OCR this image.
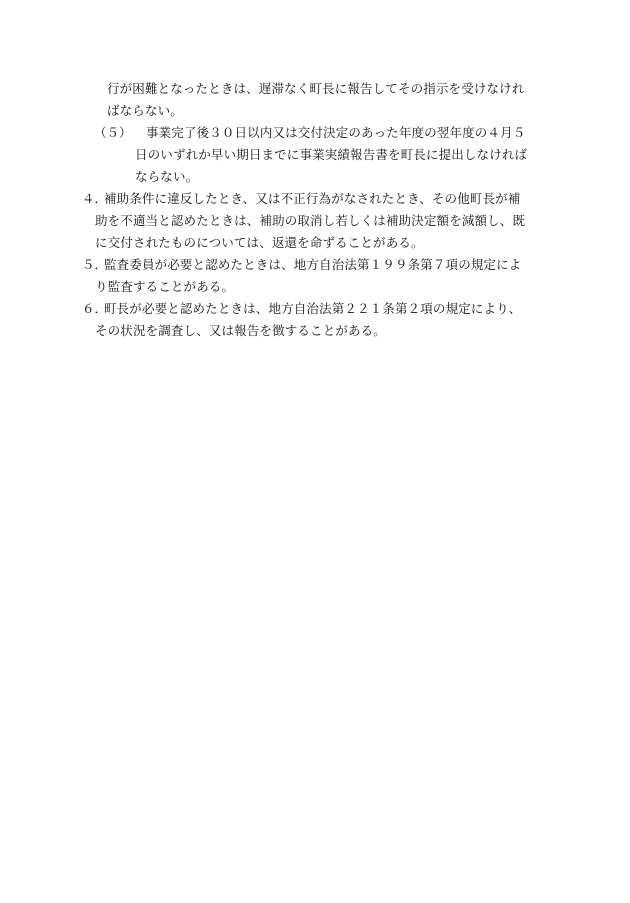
行が困難となったときは、遅滞なく町長に報告してその指示を受けなけれ
ばならない。
（５） 事業完了後３０日以内又は交付決定のあった年度の翌年度の４月５
日のいずれか早い期日までに事業実績報告書を町長に提出しなければ
ならない。
４．
補助条件に違反したとき、又は不正行為がなされたとき、その他町長が補
助を不適当と認めたときは、補助の取消し若しくは補助決定額を減額し、既
に交付されたものについては、返還を命ずることがある。
５．
監査委員が必要と認めたときは、地方自治法第１９９条第７項の規定によ
り監査することがある。
６．
町長が必要と認めたときは、地方自治法第２２１条第２項の規定により、
その状況を調査し、又は報告を徴することがある。
